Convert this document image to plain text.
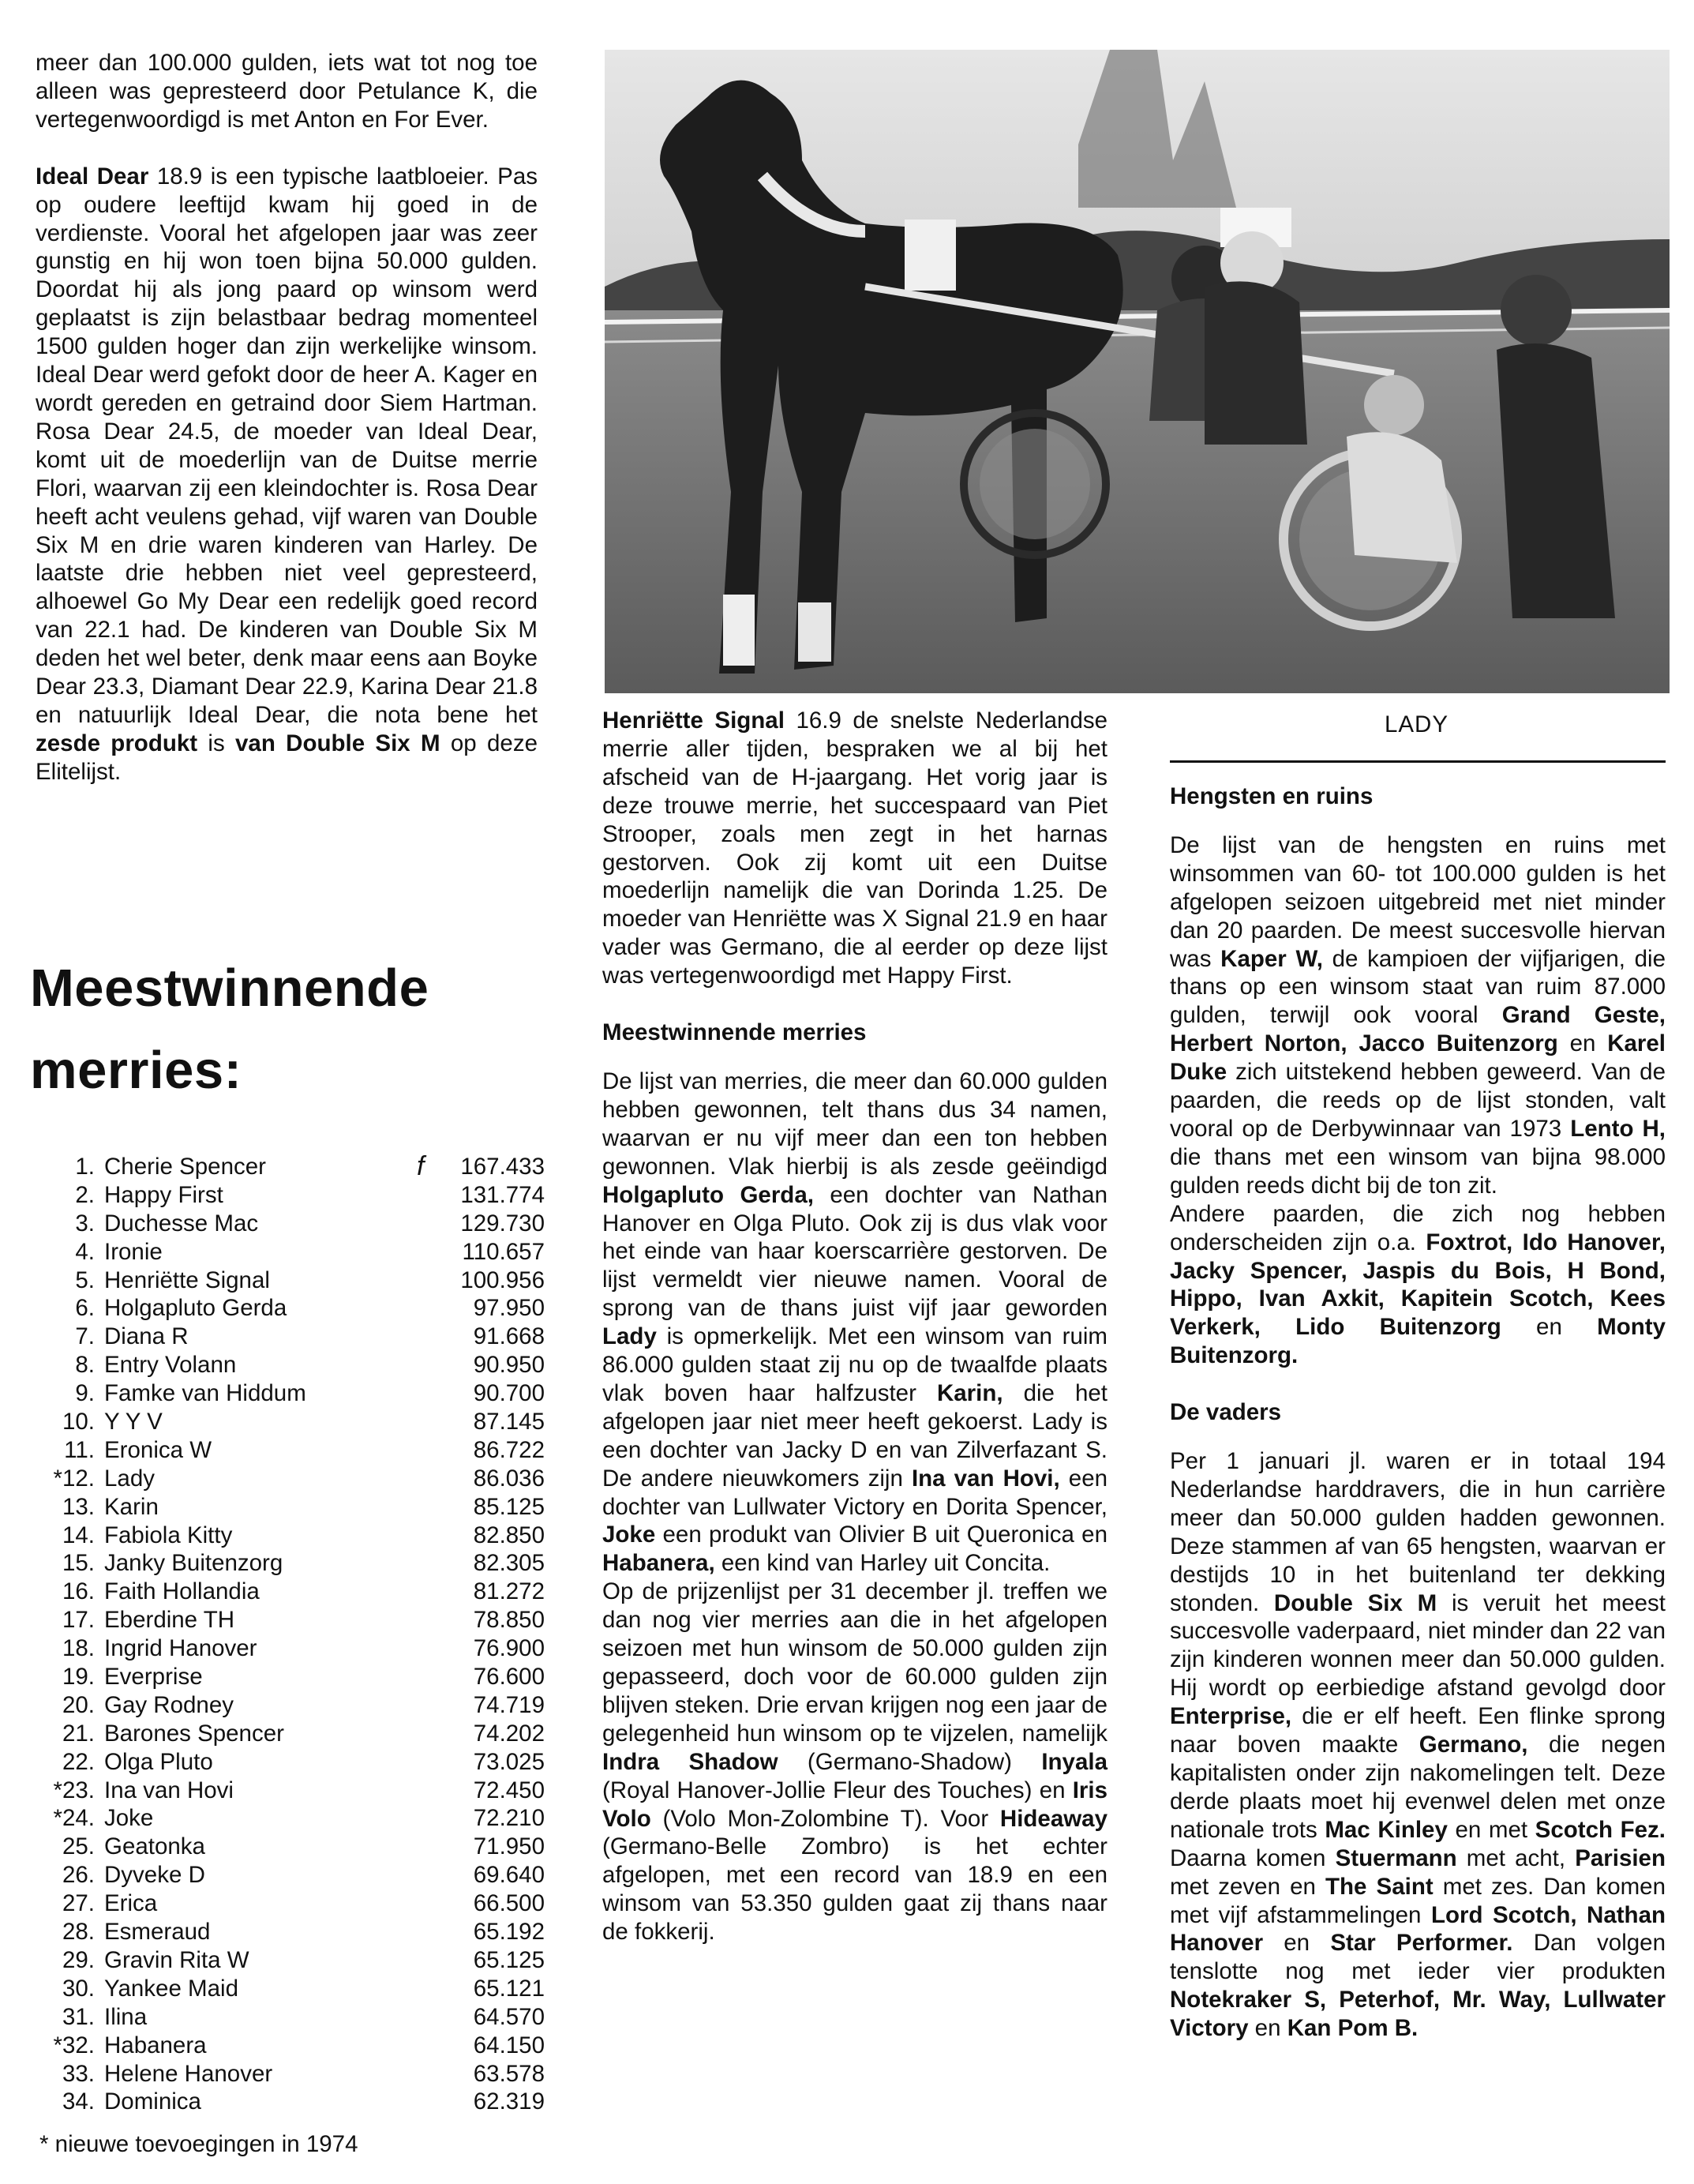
meer dan 100.000 gulden, iets wat tot nog toe alleen was gepresteerd door Petulance K, die vertegenwoordigd is met Anton en For Ever.

Ideal Dear 18.9 is een typische laatbloeier. Pas op oudere leeftijd kwam hij goed in de verdienste. Vooral het afgelopen jaar was zeer gunstig en hij won toen bijna 50.000 gulden. Doordat hij als jong paard op winsom werd geplaatst is zijn belastbaar bedrag momenteel 1500 gulden hoger dan zijn werkelijke winsom. Ideal Dear werd gefokt door de heer A. Kager en wordt gereden en getraind door Siem Hartman. Rosa Dear 24.5, de moeder van Ideal Dear, komt uit de moederlijn van de Duitse merrie Flori, waarvan zij een kleindochter is. Rosa Dear heeft acht veulens gehad, vijf waren van Double Six M en drie waren kinderen van Harley. De laatste drie hebben niet veel gepresteerd, alhoewel Go My Dear een redelijk goed record van 22.1 had. De kinderen van Double Six M deden het wel beter, denk maar eens aan Boyke Dear 23.3, Diamant Dear 22.9, Karina Dear 21.8 en natuurlijk Ideal Dear, die nota bene het zesde produkt is van Double Six M op deze Elitelijst.

Meestwinnende merries:
1. Cherie Spencer	f 167.433
2. Happy First	131.774
3. Duchesse Mac	129.730
4. Ironie	110.657
5. Henriëtte Signal	100.956
6. Holgapluto Gerda	97.950
7. Diana R	91.668
8. Entry Volann	90.950
9. Famke van Hiddum	90.700
10. Y Y V	87.145
11. Eronica W	86.722
*12. Lady	86.036
13. Karin	85.125
14. Fabiola Kitty	82.850
15. Janky Buitenzorg	82.305
16. Faith Hollandia	81.272
17. Eberdine TH	78.850
18. Ingrid Hanover	76.900
19. Everprise	76.600
20. Gay Rodney	74.719
21. Barones Spencer	74.202
22. Olga Pluto	73.025
*23. Ina van Hovi	72.450
*24. Joke	72.210
25. Geatonka	71.950
26. Dyveke D	69.640
27. Erica	66.500
28. Esmeraud	65.192
29. Gravin Rita W	65.125
30. Yankee Maid	65.121
31. Ilina	64.570
*32. Habanera	64.150
33. Helene Hanover	63.578
34. Dominica	62.319
* nieuwe toevoegingen in 1974
LADY

Henriëtte Signal 16.9 de snelste Nederlandse merrie aller tijden, bespraken we al bij het afscheid van de H-jaargang. Het vorig jaar is deze trouwe merrie, het succespaard van Piet Strooper, zoals men zegt in het harnas gestorven. Ook zij komt uit een Duitse moederlijn namelijk die van Dorinda 1.25. De moeder van Henriëtte was X Signal 21.9 en haar vader was Germano, die al eerder op deze lijst was vertegenwoordigd met Happy First.

Meestwinnende merries

De lijst van merries, die meer dan 60.000 gulden hebben gewonnen, telt thans dus 34 namen, waarvan er nu vijf meer dan een ton hebben gewonnen. Vlak hierbij is als zesde geëindigd Holgapluto Gerda, een dochter van Nathan Hanover en Olga Pluto. Ook zij is dus vlak voor het einde van haar koerscarrière gestorven. De lijst vermeldt vier nieuwe namen. Vooral de sprong van de thans juist vijf jaar geworden Lady is opmerkelijk. Met een winsom van ruim 86.000 gulden staat zij nu op de twaalfde plaats vlak boven haar halfzuster Karin, die het afgelopen jaar niet meer heeft gekoerst. Lady is een dochter van Jacky D en van Zilverfazant S. De andere nieuwkomers zijn Ina van Hovi, een dochter van Lullwater Victory en Dorita Spencer, Joke een produkt van Olivier B uit Queronica en Habanera, een kind van Harley uit Concita.

Op de prijzenlijst per 31 december jl. treffen we dan nog vier merries aan die in het afgelopen seizoen met hun winsom de 50.000 gulden zijn gepasseerd, doch voor de 60.000 gulden zijn blijven steken. Drie ervan krijgen nog een jaar de gelegenheid hun winsom op te vijzelen, namelijk Indra Shadow (Germano-Shadow) Inyala (Royal Hanover-Jollie Fleur des Touches) en Iris Volo (Volo Mon-Zolombine T). Voor Hideaway (Germano-Belle Zombro) is het echter afgelopen, met een record van 18.9 en een winsom van 53.350 gulden gaat zij thans naar de fokkerij.

Hengsten en ruins

De lijst van de hengsten en ruins met winsommen van 60- tot 100.000 gulden is het afgelopen seizoen uitgebreid met niet minder dan 20 paarden. De meest succesvolle hiervan was Kaper W, de kampioen der vijfjarigen, die thans op een winsom staat van ruim 87.000 gulden, terwijl ook vooral Grand Geste, Herbert Norton, Jacco Buitenzorg en Karel Duke zich uitstekend hebben geweerd. Van de paarden, die reeds op de lijst stonden, valt vooral op de Derbywinnaar van 1973 Lento H, die thans met een winsom van bijna 98.000 gulden reeds dicht bij de ton zit.

Andere paarden, die zich nog hebben onderscheiden zijn o.a. Foxtrot, Ido Hanover, Jacky Spencer, Jaspis du Bois, H Bond, Hippo, Ivan Axkit, Kapitein Scotch, Kees Verkerk, Lido Buitenzorg en Monty Buitenzorg.

De vaders

Per 1 januari jl. waren er in totaal 194 Nederlandse harddravers, die in hun carrière meer dan 50.000 gulden hadden gewonnen. Deze stammen af van 65 hengsten, waarvan er destijds 10 in het buitenland ter dekking stonden. Double Six M is veruit het meest succesvolle vaderpaard, niet minder dan 22 van zijn kinderen wonnen meer dan 50.000 gulden. Hij wordt op eerbiedige afstand gevolgd door Enterprise, die er elf heeft. Een flinke sprong naar boven maakte Germano, die negen kapitalisten onder zijn nakomelingen telt. Deze derde plaats moet hij evenwel delen met onze nationale trots Mac Kinley en met Scotch Fez. Daarna komen Stuermann met acht, Parisien met zeven en The Saint met zes. Dan komen met vijf afstammelingen Lord Scotch, Nathan Hanover en Star Performer. Dan volgen tenslotte nog met ieder vier produkten Notekraker S, Peterhof, Mr. Way, Lullwater Victory en Kan Pom B.
